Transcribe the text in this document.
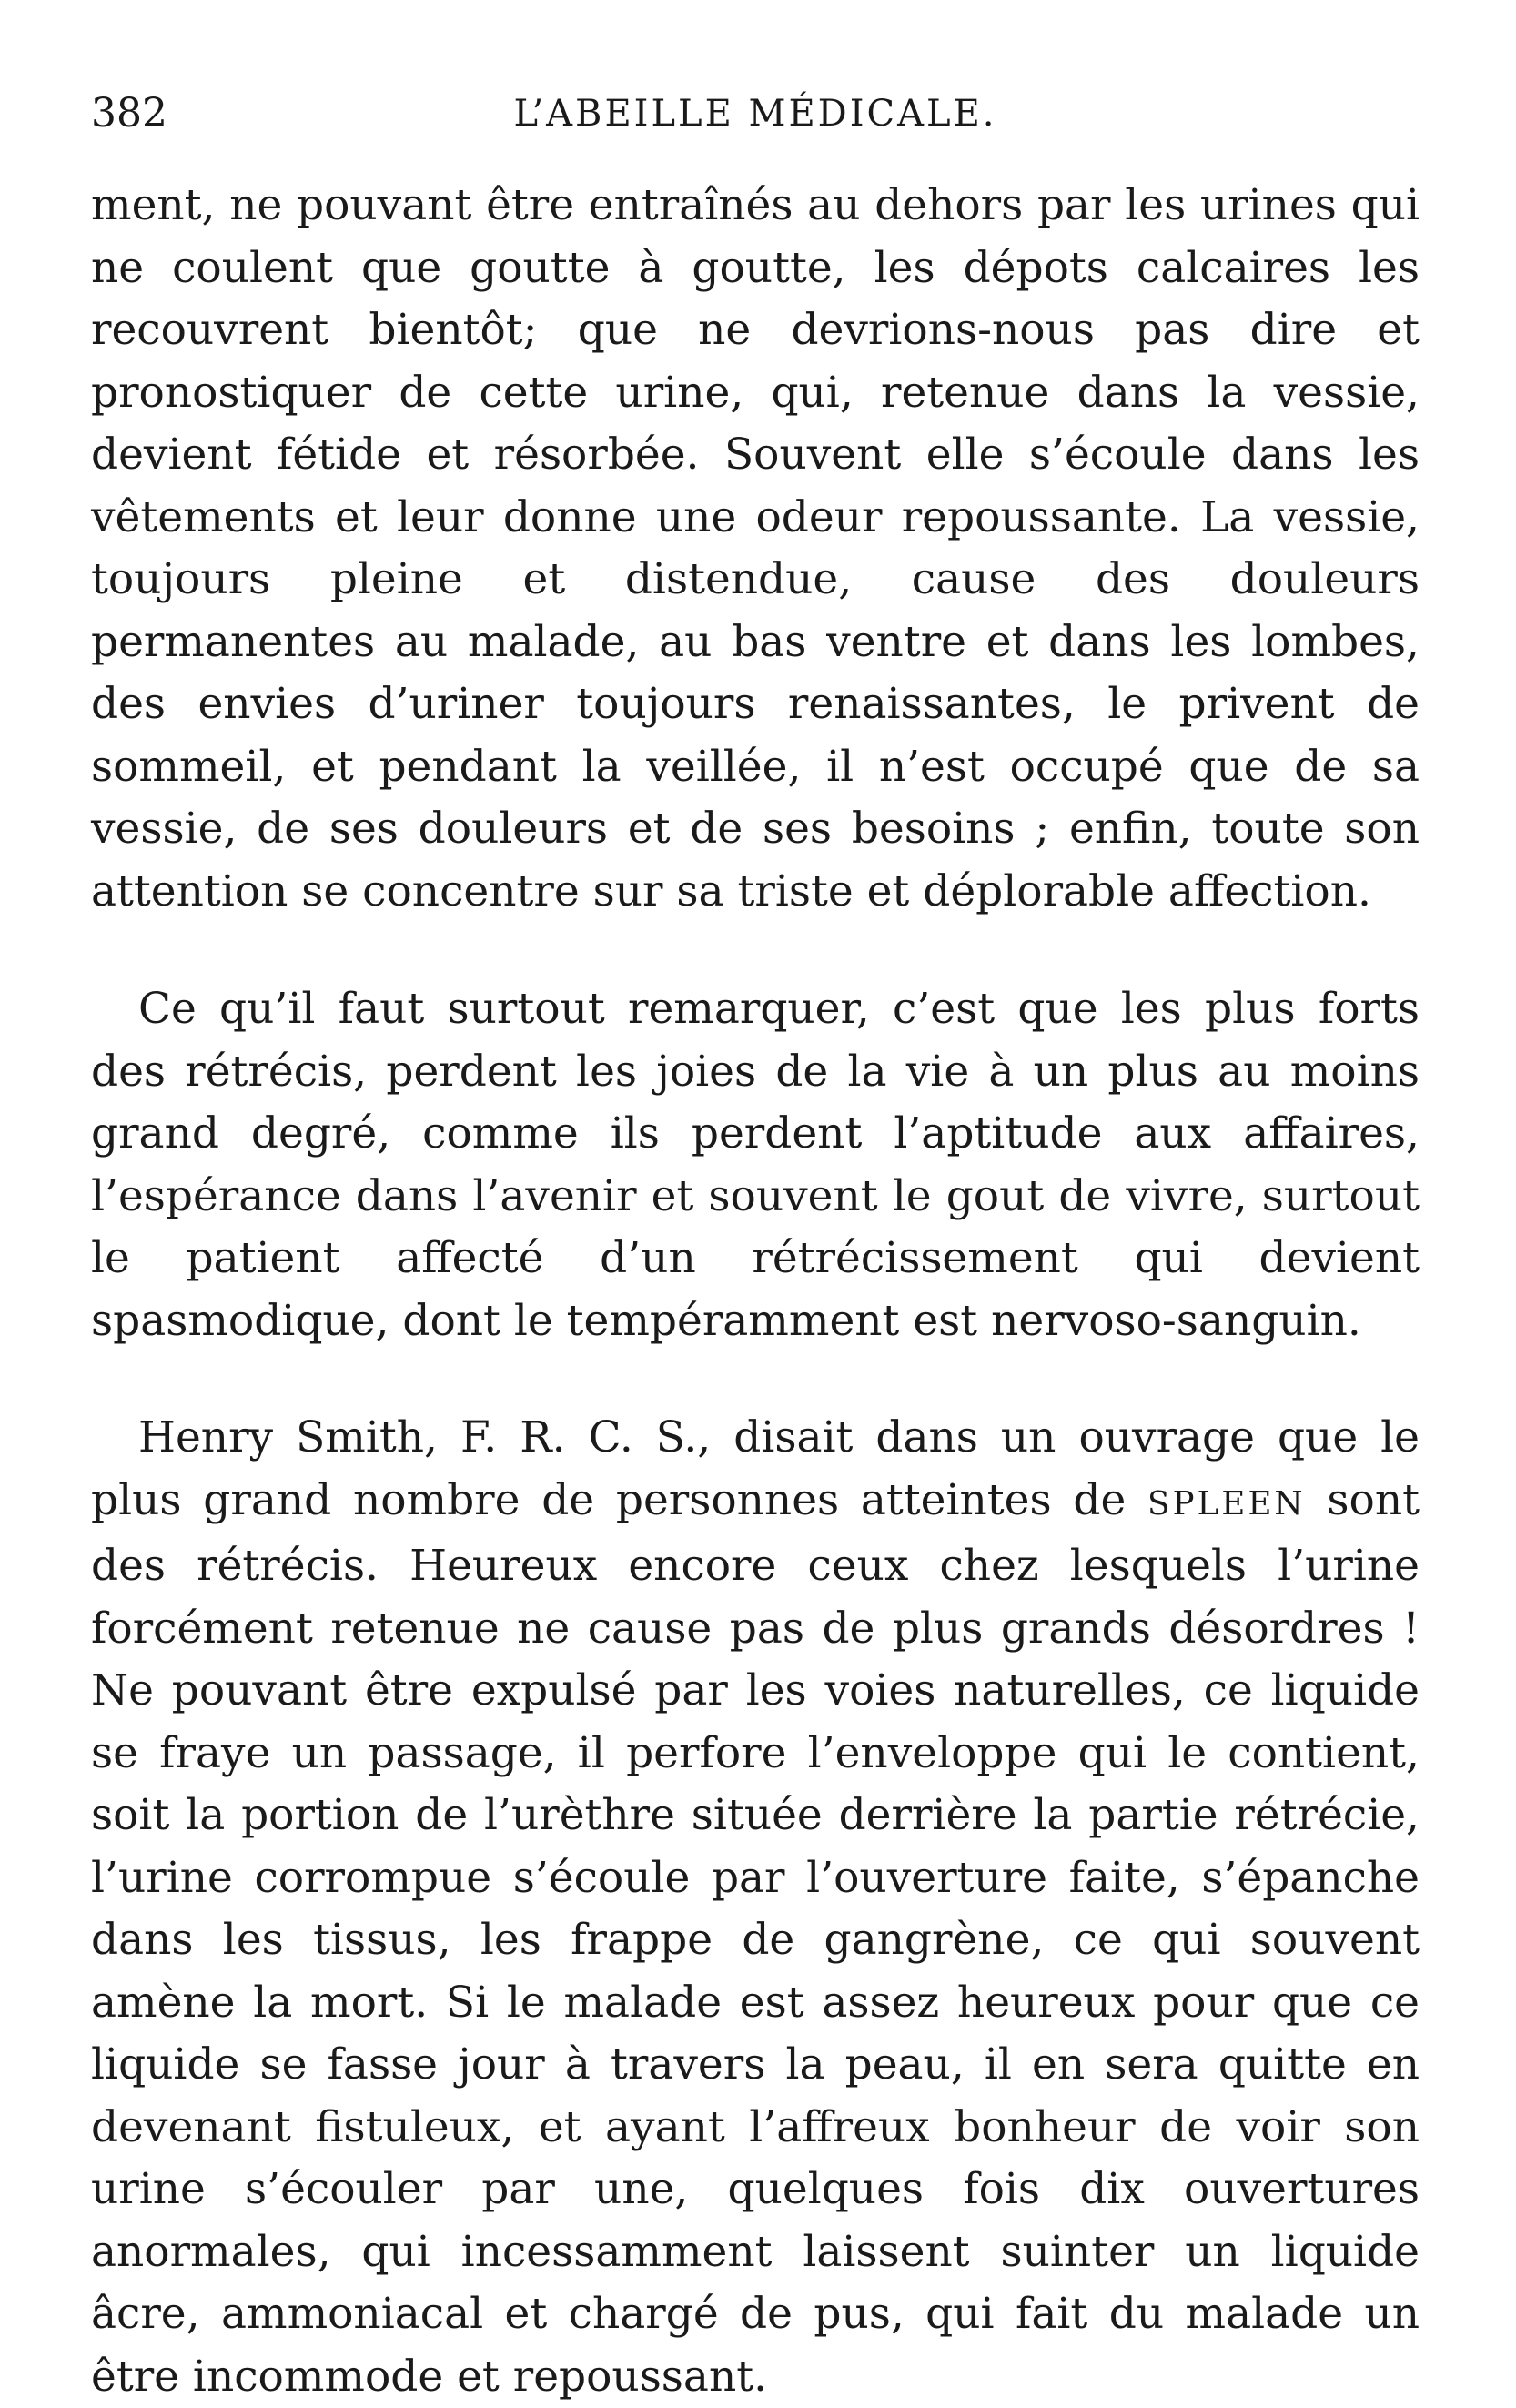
382	L’ABEILLE MÉDICALE.

ment, ne pouvant être entraînés au dehors par les urines qui ne coulent que goutte à goutte, les dépots calcaires les recouvrent bientôt; que ne devrions-nous pas dire et pronostiquer de cette urine, qui, retenue dans la vessie, devient fétide et résorbée. Souvent elle s’écoule dans les vêtements et leur donne une odeur repoussante. La vessie, toujours pleine et distendue, cause des douleurs permanentes au malade, au bas ventre et dans les lombes, des envies d’uriner toujours renaissantes, le privent de sommeil, et pendant la veillée, il n’est occupé que de sa vessie, de ses douleurs et de ses besoins ; enfin, toute son attention se concentre sur sa triste et déplorable affection.

Ce qu’il faut surtout remarquer, c’est que les plus forts des rétrécis, perdent les joies de la vie à un plus au moins grand degré, comme ils perdent l’aptitude aux affaires, l’espérance dans l’avenir et souvent le gout de vivre, surtout le patient affecté d’un rétrécissement qui devient spasmodique, dont le tempéramment est nervoso-sanguin.

Henry Smith, F. R. C. S., disait dans un ouvrage que le plus grand nombre de personnes atteintes de SPLEEN sont des rétrécis. Heureux encore ceux chez lesquels l’urine forcément retenue ne cause pas de plus grands désordres ! Ne pouvant être expulsé par les voies naturelles, ce liquide se fraye un passage, il perfore l’enveloppe qui le contient, soit la portion de l’urèthre située derrière la partie rétrécie, l’urine corrompue s’écoule par l’ouverture faite, s’épanche dans les tissus, les frappe de gangrène, ce qui souvent amène la mort. Si le malade est assez heureux pour que ce liquide se fasse jour à travers la peau, il en sera quitte en devenant fistuleux, et ayant l’affreux bonheur de voir son urine s’écouler par une, quelques fois dix ouvertures anormales, qui incessamment laissent suinter un liquide âcre, ammoniacal et chargé de pus, qui fait du malade un être incommode et repoussant.
